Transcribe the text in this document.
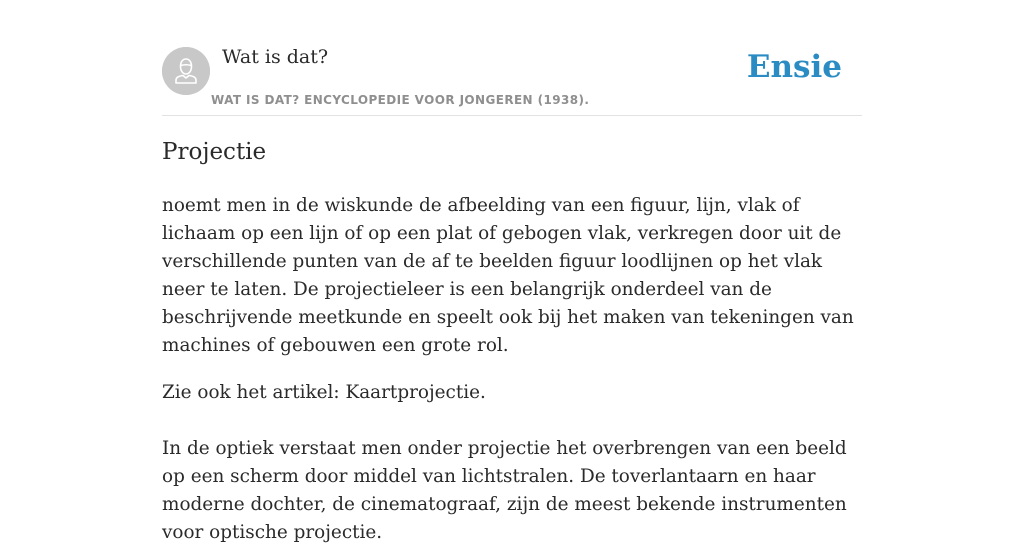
Wat is dat?
WAT IS DAT? ENCYCLOPEDIE VOOR JONGEREN (1938).
Ensie
Projectie

noemt men in de wiskunde de afbeelding van een figuur, lijn, vlak of lichaam op een lijn of op een plat of gebogen vlak, verkregen door uit de verschillende punten van de af te beelden figuur loodlijnen op het vlak neer te laten. De projectieleer is een belangrijk onderdeel van de beschrijvende meetkunde en speelt ook bij het maken van tekeningen van machines of gebouwen een grote rol.

Zie ook het artikel: Kaartprojectie.

In de optiek verstaat men onder projectie het overbrengen van een beeld op een scherm door middel van lichtstralen. De toverlantaarn en haar moderne dochter, de cinematograaf, zijn de meest bekende instrumenten voor optische projectie.
